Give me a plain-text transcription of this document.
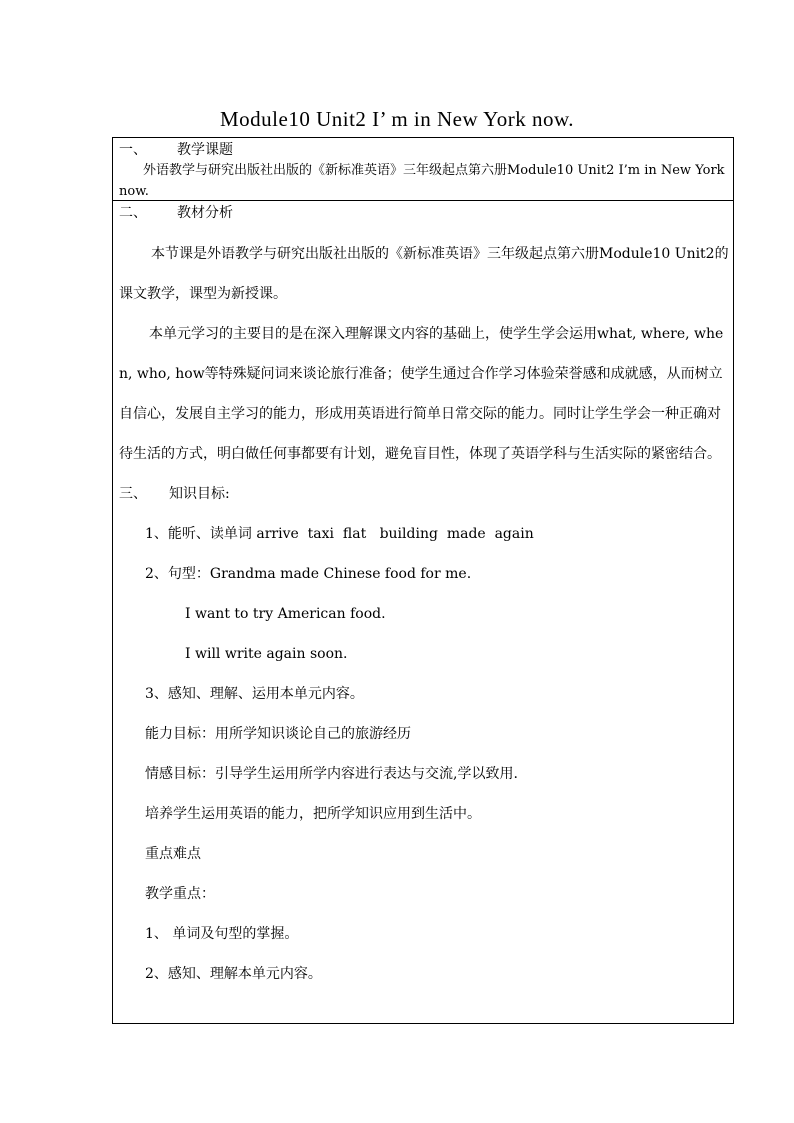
Module10 Unit2 I’ m in New York now.
一、 教学课题
外语教学与研究出版社出版的《新标准英语》三年级起点第六册Module10 Unit2 I’m in New York now.
二、 教材分析

本节课是外语教学与研究出版社出版的《新标准英语》三年级起点第六册Module10 Unit2的课文教学，课型为新授课。

本单元学习的主要目的是在深入理解课文内容的基础上，使学生学会运用what, where, when, who, how等特殊疑问词来谈论旅行准备；使学生通过合作学习体验荣誉感和成就感，从而树立自信心，发展自主学习的能力，形成用英语进行简单日常交际的能力。同时让学生学会一种正确对待生活的方式，明白做任何事都要有计划，避免盲目性，体现了英语学科与生活实际的紧密结合。

三、 知识目标:
1、能听、读单词 arrive  taxi  flat   building  made  again
2、句型：Grandma made Chinese food for me.
I want to try American food.
I will write again soon.
3、感知、理解、运用本单元内容。
能力目标：用所学知识谈论自己的旅游经历
情感目标：引导学生运用所学内容进行表达与交流,学以致用.
培养学生运用英语的能力，把所学知识应用到生活中。
重点难点
教学重点：
1、 单词及句型的掌握。
2、感知、理解本单元内容。
